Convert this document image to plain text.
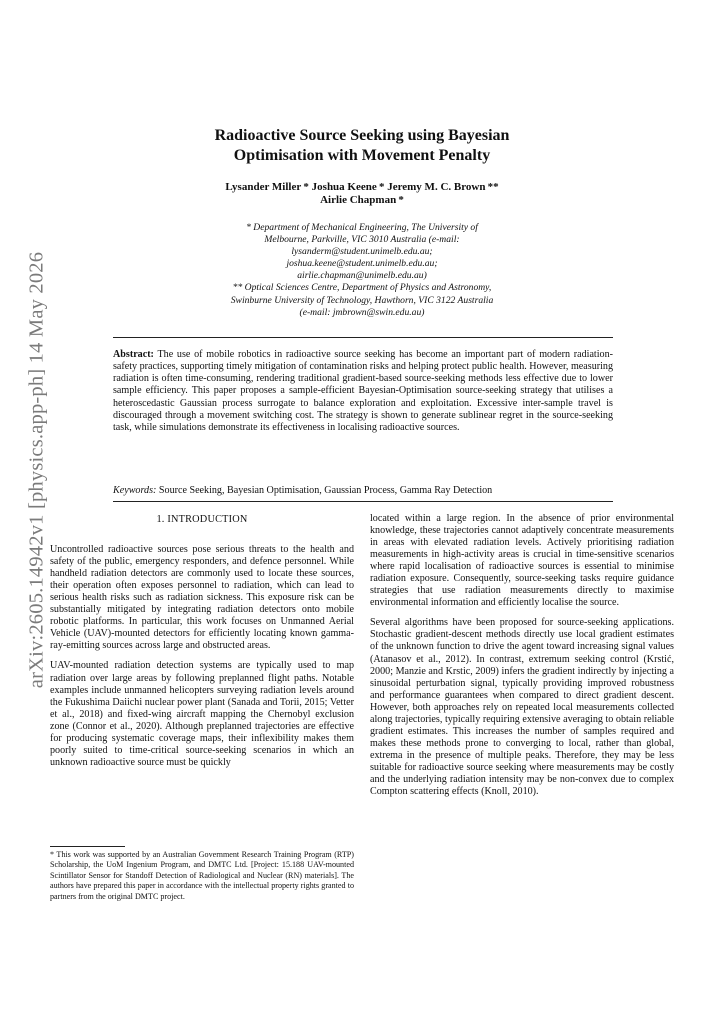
arXiv:2605.14942v1 [physics.app-ph] 14 May 2026
Radioactive Source Seeking using Bayesian
Optimisation with Movement Penalty
Lysander Miller * Joshua Keene * Jeremy M. C. Brown **
Airlie Chapman *
* Department of Mechanical Engineering, The University of
Melbourne, Parkville, VIC 3010 Australia (e-mail:
lysanderm@student.unimelb.edu.au;
joshua.keene@student.unimelb.edu.au;
airlie.chapman@unimelb.edu.au)
** Optical Sciences Centre, Department of Physics and Astronomy,
Swinburne University of Technology, Hawthorn, VIC 3122 Australia
(e-mail: jmbrown@swin.edu.au)
Abstract: The use of mobile robotics in radioactive source seeking has become an important part of modern radiation-safety practices, supporting timely mitigation of contamination risks and helping protect public health. However, measuring radiation is often time-consuming, rendering traditional gradient-based source-seeking methods less effective due to lower sample efficiency. This paper proposes a sample-efficient Bayesian-Optimisation source-seeking strategy that utilises a heteroscedastic Gaussian process surrogate to balance exploration and exploitation. Excessive inter-sample travel is discouraged through a movement switching cost. The strategy is shown to generate sublinear regret in the source-seeking task, while simulations demonstrate its effectiveness in localising radioactive sources.
Keywords: Source Seeking, Bayesian Optimisation, Gaussian Process, Gamma Ray Detection
1. INTRODUCTION

Uncontrolled radioactive sources pose serious threats to the health and safety of the public, emergency responders, and defence personnel. While handheld radiation detectors are commonly used to locate these sources, their operation often exposes personnel to radiation, which can lead to serious health risks such as radiation sickness. This exposure risk can be substantially mitigated by integrating radiation detectors onto mobile robotic platforms. In particular, this work focuses on Unmanned Aerial Vehicle (UAV)-mounted detectors for efficiently locating known gamma-ray-emitting sources across large and obstructed areas.

UAV-mounted radiation detection systems are typically used to map radiation over large areas by following preplanned flight paths. Notable examples include unmanned helicopters surveying radiation levels around the Fukushima Daiichi nuclear power plant (Sanada and Torii, 2015; Vetter et al., 2018) and fixed-wing aircraft mapping the Chernobyl exclusion zone (Connor et al., 2020). Although preplanned trajectories are effective for producing systematic coverage maps, their inflexibility makes them poorly suited to time-critical source-seeking scenarios in which an unknown radioactive source must be quickly

* This work was supported by an Australian Government Research Training Program (RTP) Scholarship, the UoM Ingenium Program, and DMTC Ltd. [Project: 15.188 UAV-mounted Scintillator Sensor for Standoff Detection of Radiological and Nuclear (RN) materials]. The authors have prepared this paper in accordance with the intellectual property rights granted to partners from the original DMTC project.

located within a large region. In the absence of prior environmental knowledge, these trajectories cannot adaptively concentrate measurements in areas with elevated radiation levels. Actively prioritising radiation measurements in high-activity areas is crucial in time-sensitive scenarios where rapid localisation of radioactive sources is essential to minimise radiation exposure. Consequently, source-seeking tasks require guidance strategies that use radiation measurements directly to maximise environmental information and efficiently localise the source.

Several algorithms have been proposed for source-seeking applications. Stochastic gradient-descent methods directly use local gradient estimates of the unknown function to drive the agent toward increasing signal values (Atanasov et al., 2012). In contrast, extremum seeking control (Krstić, 2000; Manzie and Krstic, 2009) infers the gradient indirectly by injecting a sinusoidal perturbation signal, typically providing improved robustness and performance guarantees when compared to direct gradient descent. However, both approaches rely on repeated local measurements collected along trajectories, typically requiring extensive averaging to obtain reliable gradient estimates. This increases the number of samples required and makes these methods prone to converging to local, rather than global, extrema in the presence of multiple peaks. Therefore, they may be less suitable for radioactive source seeking where measurements may be costly and the underlying radiation intensity may be non-convex due to complex Compton scattering effects (Knoll, 2010).
